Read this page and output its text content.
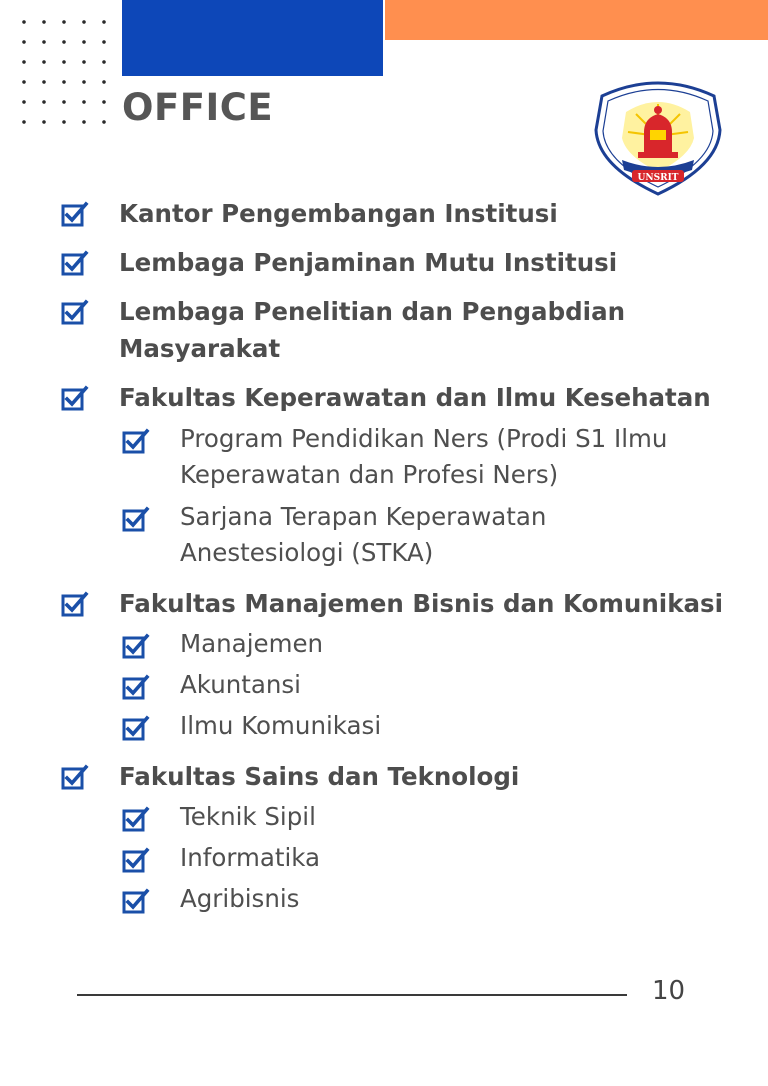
OFFICE
UNSRIT
Kantor Pengembangan Institusi
Lembaga Penjaminan Mutu Institusi
Lembaga Penelitian dan Pengabdian
Masyarakat
Fakultas Keperawatan dan Ilmu Kesehatan
Program Pendidikan Ners (Prodi S1 Ilmu
Keperawatan dan Profesi Ners)
Sarjana Terapan Keperawatan
Anestesiologi (STKA)
Fakultas Manajemen Bisnis dan Komunikasi
Manajemen
Akuntansi
Ilmu Komunikasi
Fakultas Sains dan Teknologi
Teknik Sipil
Informatika
Agribisnis
10
